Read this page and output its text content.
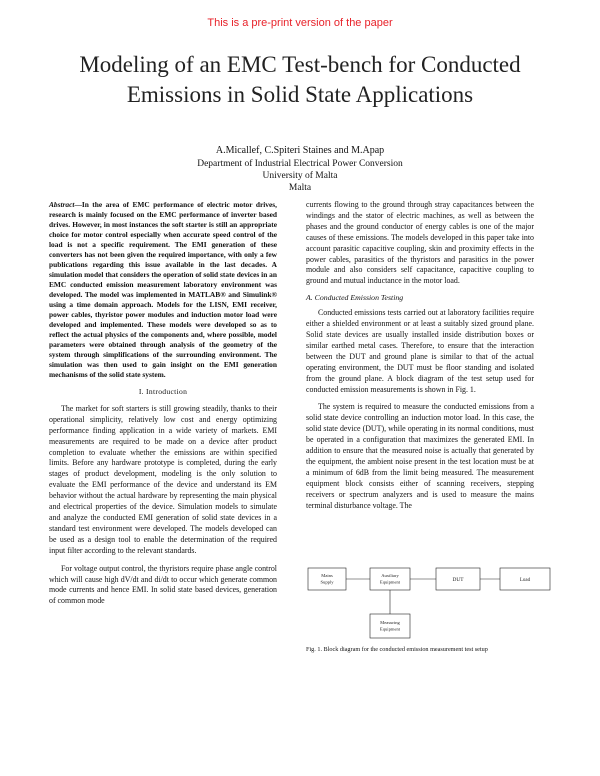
This is a pre-print version of the paper
Modeling of an EMC Test-bench for Conducted
Emissions in Solid State Applications
A.Micallef, C.Spiteri Staines and M.Apap
Department of Industrial Electrical Power Conversion
University of Malta
Malta

Abstract—In the area of EMC performance of electric motor drives, research is mainly focused on the EMC performance of inverter based drives. However, in most instances the soft starter is still an appropriate choice for motor control especially when accurate speed control of the load is not a specific requirement. The EMI generation of these converters has not been given the required importance, with only a few publications regarding this issue available in the last decades. A simulation model that considers the operation of solid state devices in an EMC conducted emission measurement laboratory environment was developed. The model was implemented in MATLAB® and Simulink® using a time domain approach. Models for the LISN, EMI receiver, power cables, thyristor power modules and induction motor load were developed and implemented. These models were developed so as to reflect the actual physics of the components and, where possible, model parameters were obtained through analysis of the geometry of the system through simplifications of the surrounding environment. The simulation was then used to gain insight on the EMI generation mechanisms of the solid state system.

I. Introduction

The market for soft starters is still growing steadily, thanks to their operational simplicity, relatively low cost and energy optimizing performance finding application in a wide variety of markets. EMI measurements are required to be made on a device after product completion to evaluate whether the emissions are within specified limits. Before any hardware prototype is completed, during the early stages of product development, modeling is the only solution to evaluate the EMI performance of the device and understand its EM behavior without the actual hardware by representing the main physical and electrical properties of the device. Simulation models to simulate and analyze the conducted EMI generation of solid state devices in a standard test environment were developed. The models developed can be used as a design tool to enable the determination of the required input filter according to the relevant standards.

For voltage output control, the thyristors require phase angle control which will cause high dV/dt and di/dt to occur which generate common mode currents and hence EMI. In solid state based devices, generation of common mode

currents flowing to the ground through stray capacitances between the windings and the stator of electric machines, as well as between the phases and the ground conductor of energy cables is one of the major causes of these emissions. The models developed in this paper take into account parasitic capacitive coupling, skin and proximity effects in the power cables, parasitics of the thyristors and parasitics in the power module and also considers self capacitance, capacitive coupling to ground and mutual inductance in the motor load.

A. Conducted Emission Testing

Conducted emissions tests carried out at laboratory facilities require either a shielded environment or at least a suitably sized ground plane. Solid state devices are usually installed inside distribution boxes or similar earthed metal cases. Therefore, to ensure that the interaction between the DUT and ground plane is similar to that of the actual operating environment, the DUT must be floor standing and isolated from the ground plane. A block diagram of the test setup used for conducted emission measurements is shown in Fig. 1.

The system is required to measure the conducted emissions from a solid state device controlling an induction motor load. In this case, the solid state device (DUT), while operating in its normal conditions, must be operated in a configuration that maximizes the generated EMI. In addition to ensure that the measured noise is actually that generated by the equipment, the ambient noise present in the test location must be at a minimum of 6dB from the limit being measured. The measurement equipment block consists either of scanning receivers, stepping receivers or spectrum analyzers and is used to measure the mains terminal disturbance voltage. The

Mains
Supply
Auxiliary
Equipment	DUT	Load
Measuring
Equipment
Fig. 1. Block diagram for the conducted emission measurement test setup
